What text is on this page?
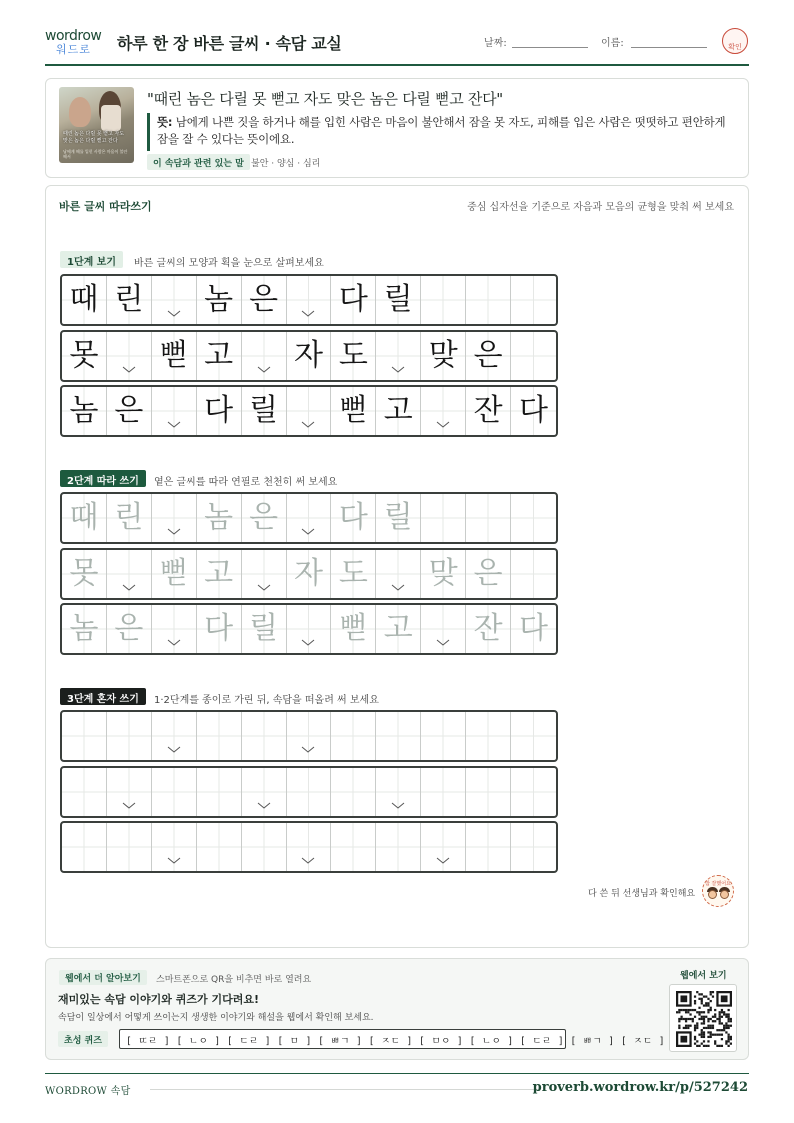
wordrow
워드로 하루 한 장 바른 글씨 · 속담 교실	날짜:	이름:	확인
때린 놈은 다릴 못 뻗고 자도 맞은 놈은 다릴 뻗고 잔다
남에게 해를 입힌 사람은 마음이 불안해서
"때린 놈은 다릴 못 뻗고 자도 맞은 놈은 다릴 뻗고 잔다"
뜻: 남에게 나쁜 짓을 하거나 해를 입힌 사람은 마음이 불안해서 잠을 못 자도, 피해를 입은 사람은 떳떳하고 편안하게 잠을 잘 수 있다는 뜻이에요.
이 속담과 관련 있는 말 불안 · 양심 · 심리
바른 글씨 따라쓰기	중심 십자선을 기준으로 자음과 모음의 균형을 맞춰 써 보세요
1단계 보기	바른 글씨의 모양과 획을 눈으로 살펴보세요
2단계 따라 쓰기	옅은 글씨를 따라 연필로 천천히 써 보세요
3단계 혼자 쓰기	1·2단계를 종이로 가린 뒤, 속담을 떠올려 써 보세요
때 린 놈 은 다 릴
못 뻗 고 자 도 맞 은
놈 은 다 릴 뻗 고 잔 다
때 린 놈 은 다 릴
못 뻗 고 자 도 맞 은
놈 은 다 릴 뻗 고 잔 다
다 쓴 뒤 선생님과 확인해요
참 잘했어요
웹에서 더 알아보기	스마트폰으로 QR을 비추면 바로 열려요
재미있는 속담 이야기와 퀴즈가 기다려요!
속담이 일상에서 어떻게 쓰이는지 생생한 이야기와 해설을 웹에서 확인해 보세요.
초성 퀴즈	[ ㄸㄹ ] [ ㄴㅇ ] [ ㄷㄹ ] [ ㅁ ] [ ㅃㄱ ] [ ㅈㄷ ] [ ㅁㅇ ] [ ㄴㅇ ] [ ㄷㄹ ] [ ㅃㄱ ] [ ㅈㄷ ]
웹에서 보기
WORDROW 속담	proverb.wordrow.kr/p/527242
